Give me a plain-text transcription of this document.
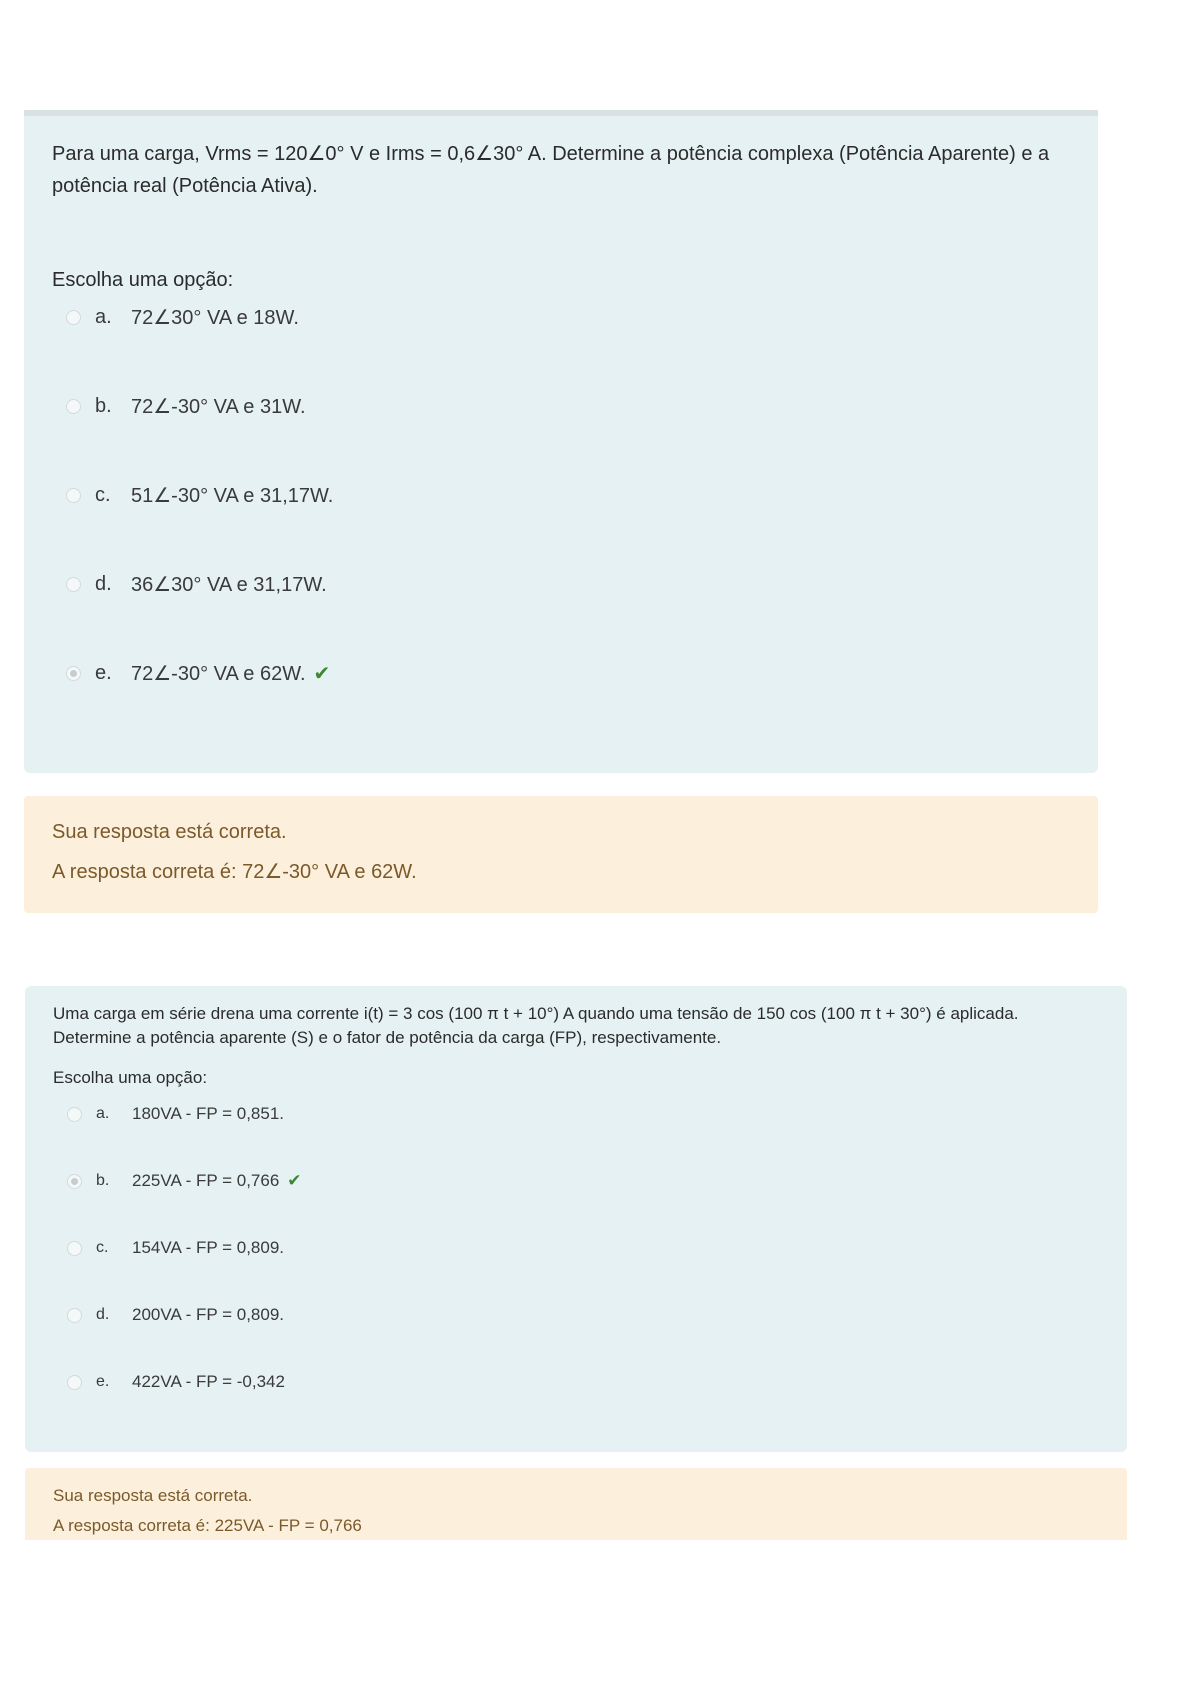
Para uma carga, Vrms = 120∠0° V e Irms = 0,6∠30° A. Determine a potência complexa (Potência Aparente) e a potência real (Potência Ativa).
Escolha uma opção:
a. 72∠30° VA e 18W.
b. 72∠-30° VA e 31W.
c.	51∠-30° VA e 31,17W.
d. 36∠30° VA e 31,17W.
e. 72∠-30° VA e 62W. ✔
Sua resposta está correta.
A resposta correta é: 72∠-30° VA e 62W.
Uma carga em série drena uma corrente i(t) = 3 cos (100 π t + 10°) A quando uma tensão de 150 cos (100 π t + 30°) é aplicada. Determine a potência aparente (S) e o fator de potência da carga (FP), respectivamente.
Escolha uma opção:
a.	180VA - FP = 0,851.
b.	225VA - FP = 0,766 ✔
c.	154VA - FP = 0,809.
d.	200VA - FP = 0,809.
e.	422VA - FP = -0,342
Sua resposta está correta.
A resposta correta é: 225VA - FP = 0,766
